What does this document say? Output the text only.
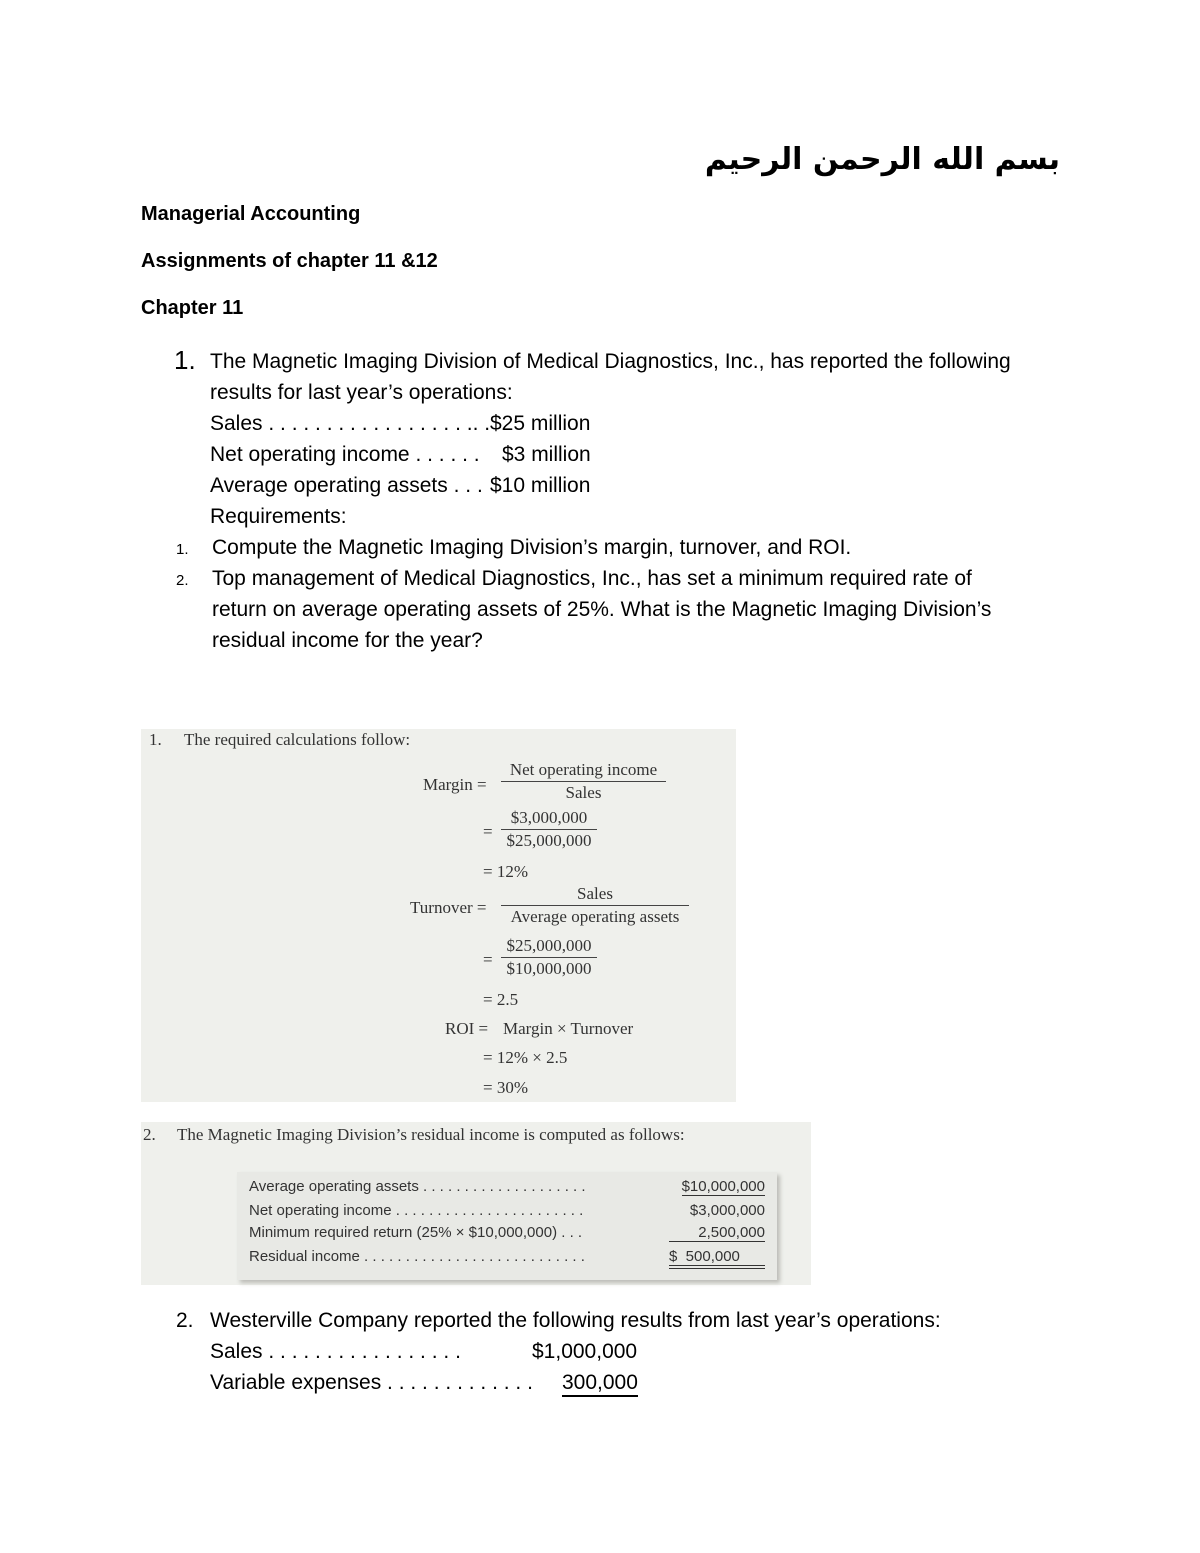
بسم الله الرحمن الرحيم
Managerial Accounting
Assignments of chapter 11 &12
Chapter 11
1. The Magnetic Imaging Division of Medical Diagnostics, Inc., has reported the following
results for last year’s operations:
Sales . . . . . . . . . . . . . . . . . .. . $25 million
Net operating income . . . . . . $3 million
Average operating assets . . . $10 million
Requirements:
1. Compute the Magnetic Imaging Division’s margin, turnover, and ROI.
2. Top management of Medical Diagnostics, Inc., has set a minimum required rate of
return on average operating assets of 25%. What is the Magnetic Imaging Division’s
residual income for the year?
1. The required calculations follow:
Margin =
Net operating income
Sales
= $\frac{\$3,000,000}{\$25,000,000}$
= 12%
Turnover =
Sales
Average operating assets
= $\frac{\$25,000,000}{\$10,000,000}$
= 2.5
ROI = Margin × Turnover
= 12% × 2.5
= 30%
2. The Magnetic Imaging Division’s residual income is computed as follows:
Average operating assets . . . . . . . . . . . . . . . . . . . .	$10,000,000
Net operating income . . . . . . . . . . . . . . . . . . . . . . .	$3,000,000
Minimum required return (25% × $10,000,000) . . .	2,500,000
Residual income . . . . . . . . . . . . . . . . . . . . . . . . . . .	$  500,000
2. Westerville Company reported the following results from last year’s operations:
Sales . . . . . . . . . . . . . . . . .	$1,000,000
Variable expenses . . . . . . . . . . . . . 300,000
